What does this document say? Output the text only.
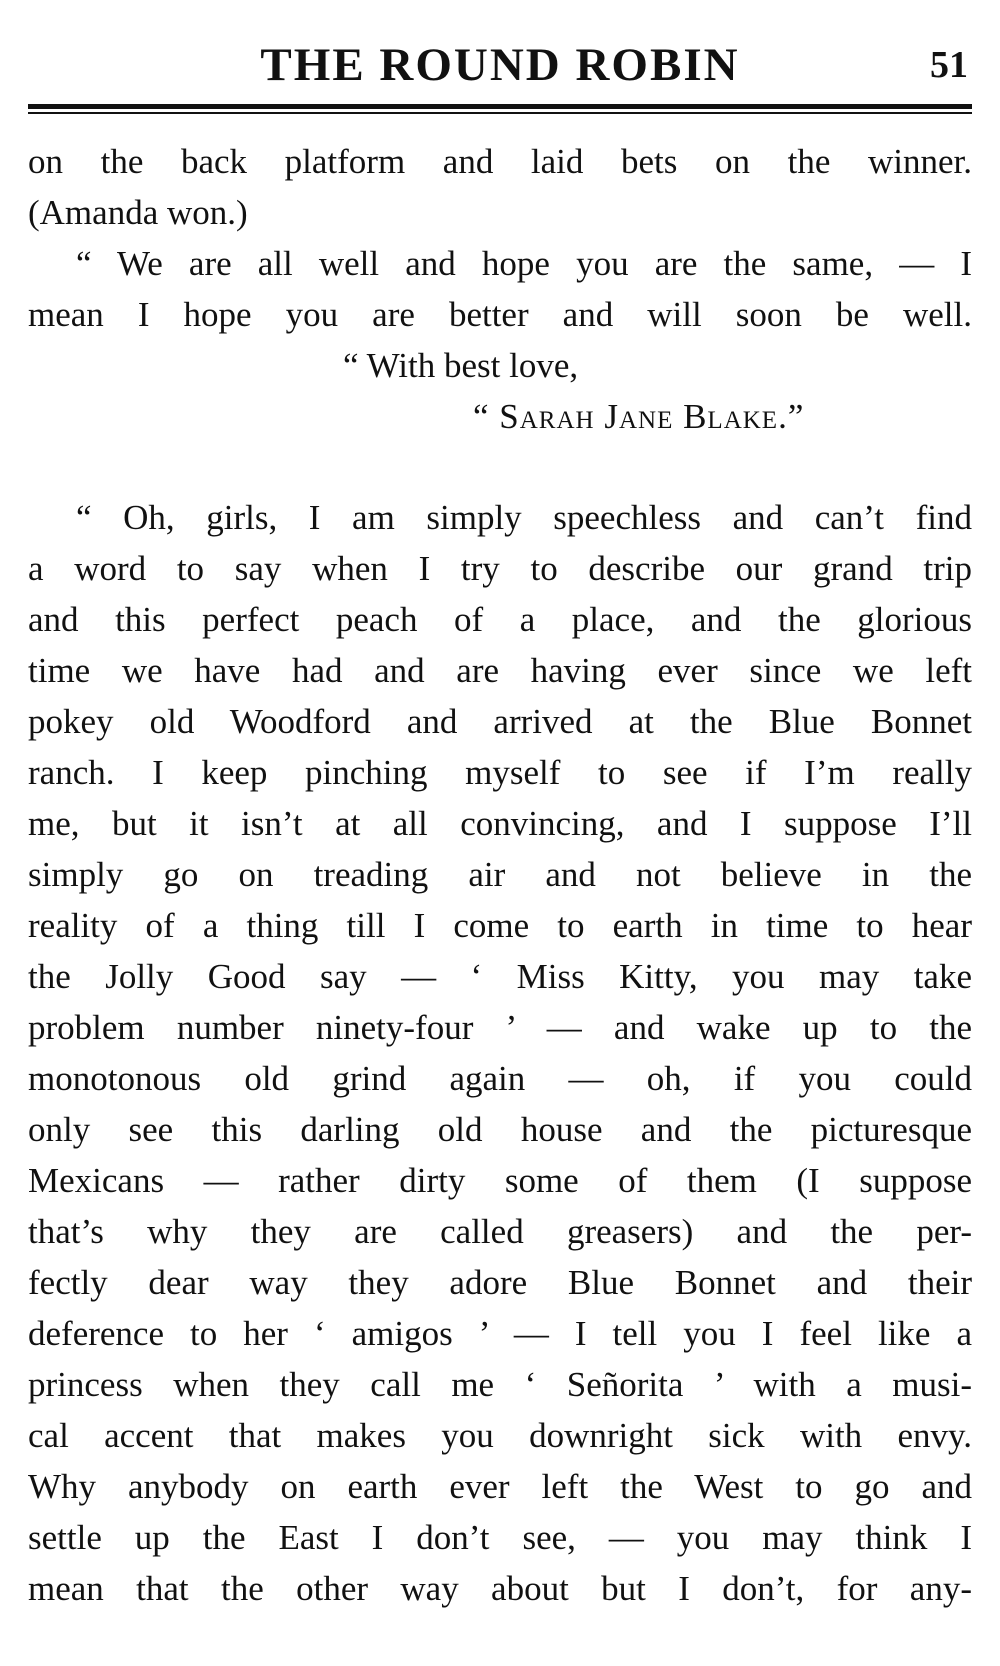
THE ROUND ROBIN	51

on the back platform and laid bets on the winner.

(Amanda won.)

“ We are all well and hope you are the same, — I

mean I hope you are better and will soon be well.

“ With best love,

“ Sarah Jane Blake.”

“ Oh, girls, I am simply speechless and can’t find

a word to say when I try to describe our grand trip

and this perfect peach of a place, and the glorious

time we have had and are having ever since we left

pokey old Woodford and arrived at the Blue Bonnet

ranch. I keep pinching myself to see if I’m really

me, but it isn’t at all convincing, and I suppose I’ll

simply go on treading air and not believe in the

reality of a thing till I come to earth in time to hear

the Jolly Good say — ‘ Miss Kitty, you may take

problem number ninety-four ’ — and wake up to the

monotonous old grind again — oh, if you could

only see this darling old house and the picturesque

Mexicans — rather dirty some of them (I suppose

that’s why they are called greasers) and the per-

fectly dear way they adore Blue Bonnet and their

deference to her ‘ amigos ’ — I tell you I feel like a

princess when they call me ‘ Señorita ’ with a musi-

cal accent that makes you downright sick with envy.

Why anybody on earth ever left the West to go and

settle up the East I don’t see, — you may think I

mean that the other way about but I don’t, for any-
